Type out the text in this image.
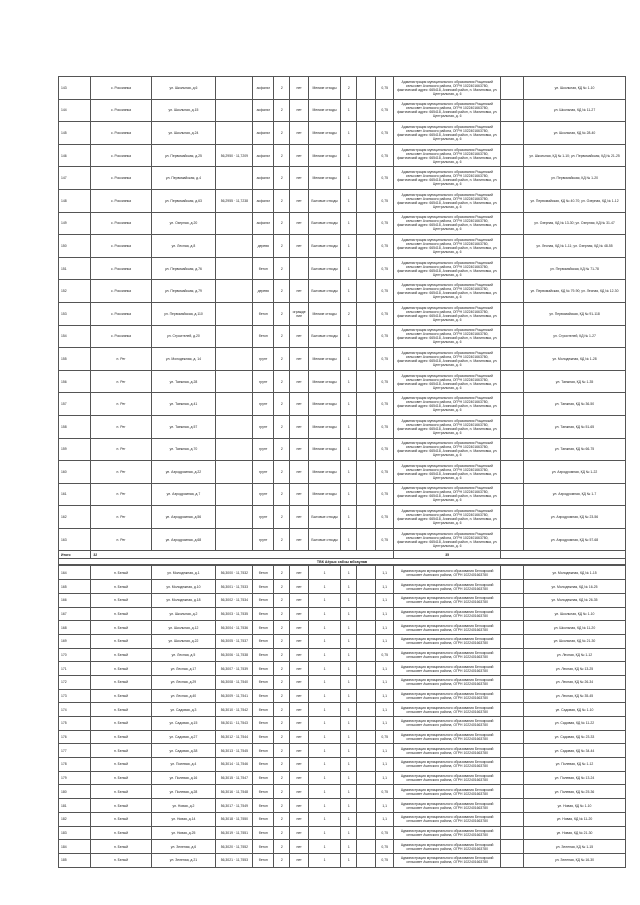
143	с. Россиянка	ул. Школьная, д.6		асфальт	2	нет	Мелкие отходы	2		0,75	Администрация муниципального образования Рощинский сельсовет Ачинского района, ОГРН 1022401663780, фактический адрес: 665418, Ачинский район, п. Малиновка, ул. Центральная, д. 6		ул. Школьная, КД № 1-10
144	с. Россиянка	ул. Школьная, д.15		асфальт	2	нет	Мелкие отходы	1		0,75	Администрация муниципального образования Рощинский сельсовет Ачинского района, ОГРН 1022401663780, фактический адрес: 665418, Ачинский район, п. Малиновка, ул. Центральная, д. 6		ул. Школьная, КД № 11-27
145	с. Россиянка	ул. Школьная, д.24		асфальт	2	нет	Мелкие отходы	1		0,75	Администрация муниципального образования Рощинский сельсовет Ачинского района, ОГРН 1022401663780, фактический адрес: 665418, Ачинский район, п. Малиновка, ул. Центральная, д. 6		ул. Школьная, КД № 28-40
146	с. Россиянка	ул. Первомайская, д.25	56,2950 · 11,7209	асфальт	2	нет	Мелкие отходы	1		0,75	Администрация муниципального образования Рощинский сельсовет Ачинского района, ОГРН 1022401663780, фактический адрес: 665418, Ачинский район, п. Малиновка, ул. Центральная, д. 6		ул. Школьная, КД № 1-10; ул. Первомайская, КД № 21-25
147	с. Россиянка	ул. Первомайская, д.4		асфальт	2	нет	Мелкие отходы	1		0,75	Администрация муниципального образования Рощинский сельсовет Ачинского района, ОГРН 1022401663780, фактический адрес: 665418, Ачинский район, п. Малиновка, ул. Центральная, д. 6		ул. Первомайская, КД № 1-20
148	с. Россиянка	ул. Первомайская, д.63	56,2955 · 11,7238	асфальт	2	нет	Бытовые отходы	1		0,75	Администрация муниципального образования Рощинский сельсовет Ачинского района, ОГРН 1022401663780, фактический адрес: 665418, Ачинский район, п. Малиновка, ул. Центральная, д. 6		ул. Первомайская, КД № 40-70; ул. Озерная, КД № 1-12
149	с. Россиянка	ул. Озерная, д.20		асфальт	2	нет	Бытовые отходы	1		0,75	Администрация муниципального образования Рощинский сельсовет Ачинского района, ОГРН 1022401663780, фактический адрес: 665418, Ачинский район, п. Малиновка, ул. Центральная, д. 6		ул. Озерная, КД № 13-30; ул. Озерная, КД № 31-47
150	с. Россиянка	ул. Лесная, д.8		деревя	2	нет	Бытовые отходы	1		0,75	Администрация муниципального образования Рощинский сельсовет Ачинского района, ОГРН 1022401663780, фактический адрес: 665418, Ачинский район, п. Малиновка, ул. Центральная, д. 6		ул. Лесная, КД № 1-11; ул. Озерная, КД № 48-55
151	с. Россиянка	ул. Первомайская, д.76		бетон	2		Бытовые отходы	1		0,75	Администрация муниципального образования Рощинский сельсовет Ачинского района, ОГРН 1022401663780, фактический адрес: 665418, Ачинский район, п. Малиновка, ул. Центральная, д. 6		ул. Первомайская, КД № 71-78
152	с. Россиянка	ул. Первомайская, д.79		деревя	2	нет	Бытовые отходы	1		0,75	Администрация муниципального образования Рощинский сельсовет Ачинского района, ОГРН 1022401663780, фактический адрес: 665418, Ачинский район, п. Малиновка, ул. Центральная, д. 6		ул. Первомайская, КД № 79-90; ул. Лесная, КД № 12-30
153	с. Россиянка	ул. Первомайская, д.110		бетон	2	ограждение	Мелкие отходы	2		0,75	Администрация муниципального образования Рощинский сельсовет Ачинского района, ОГРН 1022401663780, фактический адрес: 665418, Ачинский район, п. Малиновка, ул. Центральная, д. 6		ул. Первомайская, КД № 91-118
154	с. Россиянка	ул. Строителей, д.20		бетон	2	нет	Бытовые отходы	1		0,75	Администрация муниципального образования Рощинский сельсовет Ачинского района, ОГРН 1022401663780, фактический адрес: 665418, Ачинский район, п. Малиновка, ул. Центральная, д. 6		ул. Строителей, КД № 1-27
155	п. Рег	ул. Молодежная, д. 14		грунт	2	нет	Мелкие отходы	1		0,75	Администрация муниципального образования Рощинский сельсовет Ачинского района, ОГРН 1022401663780, фактический адрес: 665418, Ачинский район, п. Малиновка, ул. Центральная, д. 6		ул. Молодежная, КД № 1-28
156	п. Рег	ул. Таежная, д.28		грунт	2	нет	Мелкие отходы	1		0,75	Администрация муниципального образования Рощинский сельсовет Ачинского района, ОГРН 1022401663780, фактический адрес: 665418, Ачинский район, п. Малиновка, ул. Центральная, д. 6		ул. Таежная, КД № 1-35
157	п. Рег	ул. Таежная, д.41		грунт	2	нет	Мелкие отходы	1		0,75	Администрация муниципального образования Рощинский сельсовет Ачинского района, ОГРН 1022401663780, фактический адрес: 665418, Ачинский район, п. Малиновка, ул. Центральная, д. 6		ул. Таежная, КД № 36-50
158	п. Рег	ул. Таежная, д.57		грунт	2	нет	Мелкие отходы	1		0,75	Администрация муниципального образования Рощинский сельсовет Ачинского района, ОГРН 1022401663780, фактический адрес: 665418, Ачинский район, п. Малиновка, ул. Центральная, д. 6		ул. Таежная, КД № 51-65
159	п. Рег	ул. Таежная, д.70		грунт	2	нет	Мелкие отходы	1		0,75	Администрация муниципального образования Рощинский сельсовет Ачинского района, ОГРН 1022401663780, фактический адрес: 665418, Ачинский район, п. Малиновка, ул. Центральная, д. 6		ул. Таежная, КД № 66-75
160	п. Рег	ул. Аэродромная, д.22		грунт	2	нет	Мелкие отходы	1		0,75	Администрация муниципального образования Рощинский сельсовет Ачинского района, ОГРН 1022401663780, фактический адрес: 665418, Ачинский район, п. Малиновка, ул. Центральная, д. 6		ул. Аэродромная, КД № 1-22
161	п. Рег	ул. Аэродромная, д.7		грунт	2	нет	Мелкие отходы	1		0,75	Администрация муниципального образования Рощинский сельсовет Ачинского района, ОГРН 1022401663780, фактический адрес: 665418, Ачинский район, п. Малиновка, ул. Центральная, д. 6		ул. Аэродромная, КД № 1-7
162	п. Рег	ул. Аэродромная, д.56		грунт	2	нет	Бытовые отходы	1		0,75	Администрация муниципального образования Рощинский сельсовет Ачинского района, ОГРН 1022401663780, фактический адрес: 665418, Ачинский район, п. Малиновка, ул. Центральная, д. 6		ул. Аэродромная, КД № 23-56
163	п. Рег	ул. Аэродромная, д.68		грунт	2	нет	Бытовые отходы	1		0,75	Администрация муниципального образования Рощинский сельсовет Ачинского района, ОГРН 1022401663780, фактический адрес: 665418, Ачинский район, п. Малиновка, ул. Центральная, д. 6		ул. Аэродромная, КД № 57-68
Итого	32										35		
ТВК Аёрыс сабзы мбсаулав													
164	п. Белый	ул. Молодежная, д.1	56,3000 · 11,7532	бетон	2	нет	1	1		1,1	Администрация муниципального образования Белоярский сельсовет Ачинского района, ОГРН 1022401663780		ул. Молодежная, КД № 1-15
165	п. Белый	ул. Молодежная, д.10	56,3001 · 11,7533	бетон	2	нет	1	1		1,1	Администрация муниципального образования Белоярский сельсовет Ачинского района, ОГРН 1022401663780		ул. Молодежная, КД № 16-25
166	п. Белый	ул. Молодежная, д.18	56,3002 · 11,7534	бетон	2	нет	1	1		1,1	Администрация муниципального образования Белоярский сельсовет Ачинского района, ОГРН 1022401663780		ул. Молодежная, КД № 26-35
167	п. Белый	ул. Школьная, д.2	56,3003 · 11,7535	бетон	2	нет	1	1		1,1	Администрация муниципального образования Белоярский сельсовет Ачинского района, ОГРН 1022401663780		ул. Школьная, КД № 1-10
168	п. Белый	ул. Школьная, д.12	56,3004 · 11,7536	бетон	2	нет	1	1		1,1	Администрация муниципального образования Белоярский сельсовет Ачинского района, ОГРН 1022401663780		ул. Школьная, КД № 11-20
169	п. Белый	ул. Школьная, д.22	56,3005 · 11,7537	бетон	2	нет	1	1		1,1	Администрация муниципального образования Белоярский сельсовет Ачинского района, ОГРН 1022401663780		ул. Школьная, КД № 21-30
170	п. Белый	ул. Лесная, д.5	56,3006 · 11,7538	бетон	2	нет	1	1		0,75	Администрация муниципального образования Белоярский сельсовет Ачинского района, ОГРН 1022401663780		ул. Лесная, КД № 1-12
171	п. Белый	ул. Лесная, д.17	56,3007 · 11,7539	бетон	2	нет	1	1		1,1	Администрация муниципального образования Белоярский сельсовет Ачинского района, ОГРН 1022401663780		ул. Лесная, КД № 13-25
172	п. Белый	ул. Лесная, д.29	56,3008 · 11,7540	бетон	2	нет	1	1		1,1	Администрация муниципального образования Белоярский сельсовет Ачинского района, ОГРН 1022401663780		ул. Лесная, КД № 26-34
173	п. Белый	ул. Лесная, д.40	56,3009 · 11,7541	бетон	2	нет	1	1		1,1	Администрация муниципального образования Белоярский сельсовет Ачинского района, ОГРН 1022401663780		ул. Лесная, КД № 35-45
174	п. Белый	ул. Садовая, д.3	56,3010 · 11,7542	бетон	2	нет	1	1		1,1	Администрация муниципального образования Белоярский сельсовет Ачинского района, ОГРН 1022401663780		ул. Садовая, КД № 1-10
175	п. Белый	ул. Садовая, д.15	56,3011 · 11,7543	бетон	2	нет	1	1		1,1	Администрация муниципального образования Белоярский сельсовет Ачинского района, ОГРН 1022401663780		ул. Садовая, КД № 11-22
176	п. Белый	ул. Садовая, д.27	56,3012 · 11,7544	бетон	2	нет	1	1		0,75	Администрация муниципального образования Белоярский сельсовет Ачинского района, ОГРН 1022401663780		ул. Садовая, КД № 23-33
177	п. Белый	ул. Садовая, д.38	56,3013 · 11,7545	бетон	2	нет	1	1		1,1	Администрация муниципального образования Белоярский сельсовет Ачинского района, ОГРН 1022401663780		ул. Садовая, КД № 34-44
178	п. Белый	ул. Полевая, д.4	56,3014 · 11,7546	бетон	2	нет	1	1		1,1	Администрация муниципального образования Белоярский сельсовет Ачинского района, ОГРН 1022401663780		ул. Полевая, КД № 1-12
179	п. Белый	ул. Полевая, д.16	56,3015 · 11,7547	бетон	2	нет	1	1		1,1	Администрация муниципального образования Белоярский сельсовет Ачинского района, ОГРН 1022401663780		ул. Полевая, КД № 13-24
180	п. Белый	ул. Полевая, д.28	56,3016 · 11,7548	бетон	2	нет	1	1		0,75	Администрация муниципального образования Белоярский сельсовет Ачинского района, ОГРН 1022401663780		ул. Полевая, КД № 25-36
181	п. Белый	ул. Новая, д.2	56,3017 · 11,7549	бетон	2	нет	1	1		1,1	Администрация муниципального образования Белоярский сельсовет Ачинского района, ОГРН 1022401663780		ул. Новая, КД № 1-10
182	п. Белый	ул. Новая, д.14	56,3018 · 11,7550	бетон	2	нет	1	1		1,1	Администрация муниципального образования Белоярский сельсовет Ачинского района, ОГРН 1022401663780		ул. Новая, КД № 11-20
183	п. Белый	ул. Новая, д.25	56,3019 · 11,7551	бетон	2	нет	1	1		0,75	Администрация муниципального образования Белоярский сельсовет Ачинского района, ОГРН 1022401663780		ул. Новая, КД № 21-30
184	п. Белый	ул. Зеленая, д.6	56,3020 · 11,7552	бетон	2	нет	1	1		0,75	Администрация муниципального образования Белоярский сельсовет Ачинского района, ОГРН 1022401663780		ул. Зеленая, КД № 1-15
185	п. Белый	ул. Зеленая, д.21	56,3021 · 11,7553	бетон	2	нет	1	1		0,75	Администрация муниципального образования Белоярский сельсовет Ачинского района, ОГРН 1022401663780		ул. Зеленая, КД № 16-30
